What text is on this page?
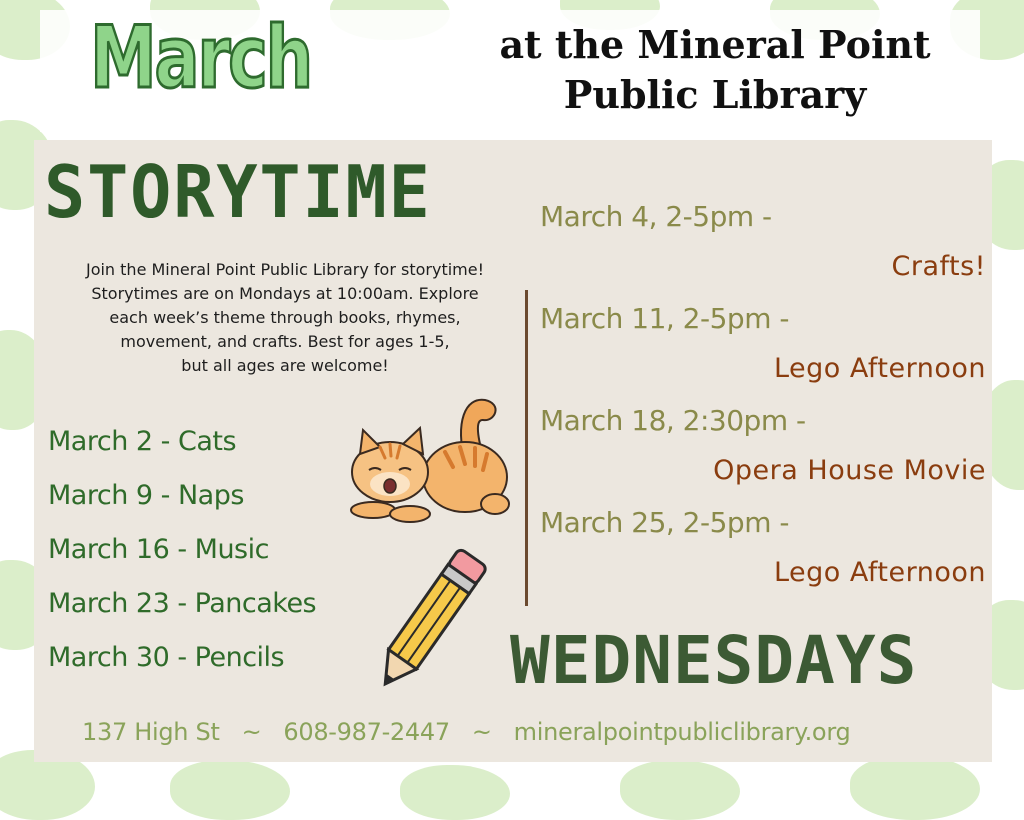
March	at the Mineral Point
Public Library
STORYTIME
Join the Mineral Point Public Library for storytime!
Storytimes are on Mondays at 10:00am. Explore
each week’s theme through books, rhymes,
movement, and crafts. Best for ages 1-5,
but all ages are welcome!
March 2 - Cats
March 9 - Naps
March 16 - Music
March 23 - Pancakes
March 30 - Pencils
March 4, 2-5pm -
Crafts!
March 11, 2-5pm -
Lego Afternoon
March 18, 2:30pm -
Opera House Movie
March 25, 2-5pm -
Lego Afternoon
WEDNESDAYS
137 High St ~ 608-987-2447 ~ mineralpointpubliclibrary.org
